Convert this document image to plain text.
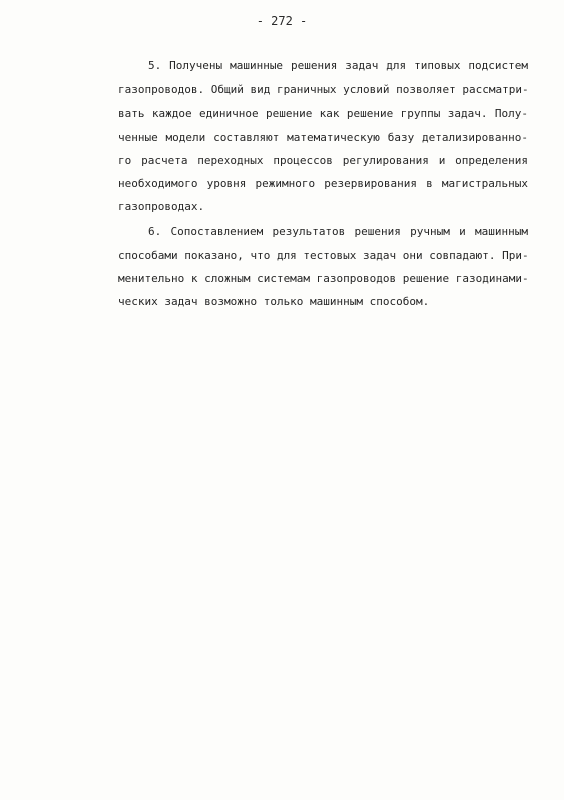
- 272 -
5. Получены машинные решения задач для типовых подсистем
газопроводов. Общий вид граничных условий позволяет рассматри-
вать каждое единичное решение как решение группы задач. Полу-
ченные модели составляют математическую базу детализированно-
го расчета переходных процессов регулирования и определения
необходимого уровня режимного резервирования в магистральных
газопроводах.
6. Сопоставлением результатов решения ручным и машинным
способами показано, что для тестовых задач они совпадают. При-
менительно к сложным системам газопроводов решение газодинами-
ческих задач возможно только машинным способом.
